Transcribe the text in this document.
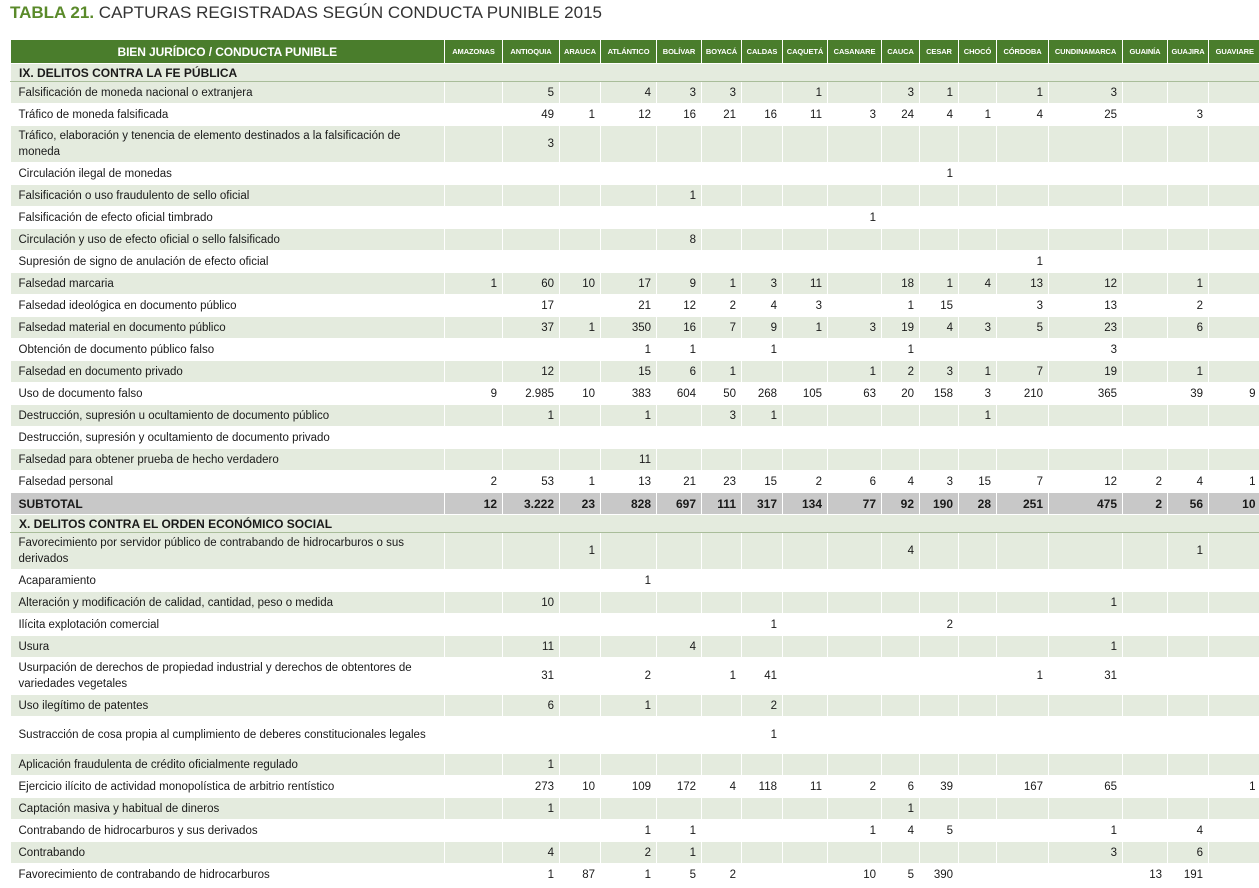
TABLA 21. CAPTURAS REGISTRADAS SEGÚN CONDUCTA PUNIBLE 2015
BIEN JURÍDICO / CONDUCTA PUNIBLE	AMAZONAS	ANTIOQUIA	ARAUCA	ATLÁNTICO	BOLÍVAR	BOYACÁ	CALDAS	CAQUETÁ	CASANARE	CAUCA	CESAR	CHOCÓ	CÓRDOBA	CUNDINAMARCA	GUAINÍA	GUAJIRA	GUAVIARE
IX. DELITOS CONTRA LA FE PÚBLICA																	
Falsificación de moneda nacional o extranjera		5		4	3	3		1		3	1		1	3			
Tráfico de moneda falsificada		49	1	12	16	21	16	11	3	24	4	1	4	25		3	
Tráfico, elaboración y tenencia de elemento destinados a la falsificación de moneda		3															
Circulación ilegal de monedas											1						
Falsificación o uso fraudulento de sello oficial					1												
Falsificación de efecto oficial timbrado									1								
Circulación y uso de efecto oficial o sello falsificado					8												
Supresión de signo de anulación de efecto oficial													1				
Falsedad marcaria	1	60	10	17	9	1	3	11		18	1	4	13	12		1	
Falsedad ideológica en documento público		17		21	12	2	4	3		1	15		3	13		2	
Falsedad material en documento público		37	1	350	16	7	9	1	3	19	4	3	5	23		6	
Obtención de documento público falso				1	1		1			1				3			
Falsedad en documento privado		12		15	6	1			1	2	3	1	7	19		1	
Uso de documento falso	9	2.985	10	383	604	50	268	105	63	20	158	3	210	365		39	9
Destrucción, supresión u ocultamiento de documento público		1		1		3	1					1					
Destrucción, supresión y ocultamiento de documento privado																	
Falsedad para obtener prueba de hecho verdadero				11													
Falsedad personal	2	53	1	13	21	23	15	2	6	4	3	15	7	12	2	4	1
SUBTOTAL	12	3.222	23	828	697	111	317	134	77	92	190	28	251	475	2	56	10
X. DELITOS CONTRA EL ORDEN ECONÓMICO SOCIAL																	
Favorecimiento por servidor público de contrabando de hidrocarburos o sus derivados			1							4						1	
Acaparamiento				1													
Alteración y modificación de calidad, cantidad, peso o medida		10												1			
Ilícita explotación comercial							1				2						
Usura		11			4									1			
Usurpación de derechos de propiedad industrial y derechos de obtentores de variedades vegetales		31		2		1	41						1	31			
Uso ilegítimo de patentes		6		1			2										
Sustracción de cosa propia al cumplimiento de deberes constitucionales legales							1										
Aplicación fraudulenta de crédito oficialmente regulado		1															
Ejercicio ilícito de actividad monopolística de arbitrio rentístico		273	10	109	172	4	118	11	2	6	39		167	65			1
Captación masiva y habitual de dineros		1								1							
Contrabando de hidrocarburos y sus derivados				1	1				1	4	5			1		4	
Contrabando		4		2	1									3		6	
Favorecimiento de contrabando de hidrocarburos		1	87	1	5	2			10	5	390				13	191	
